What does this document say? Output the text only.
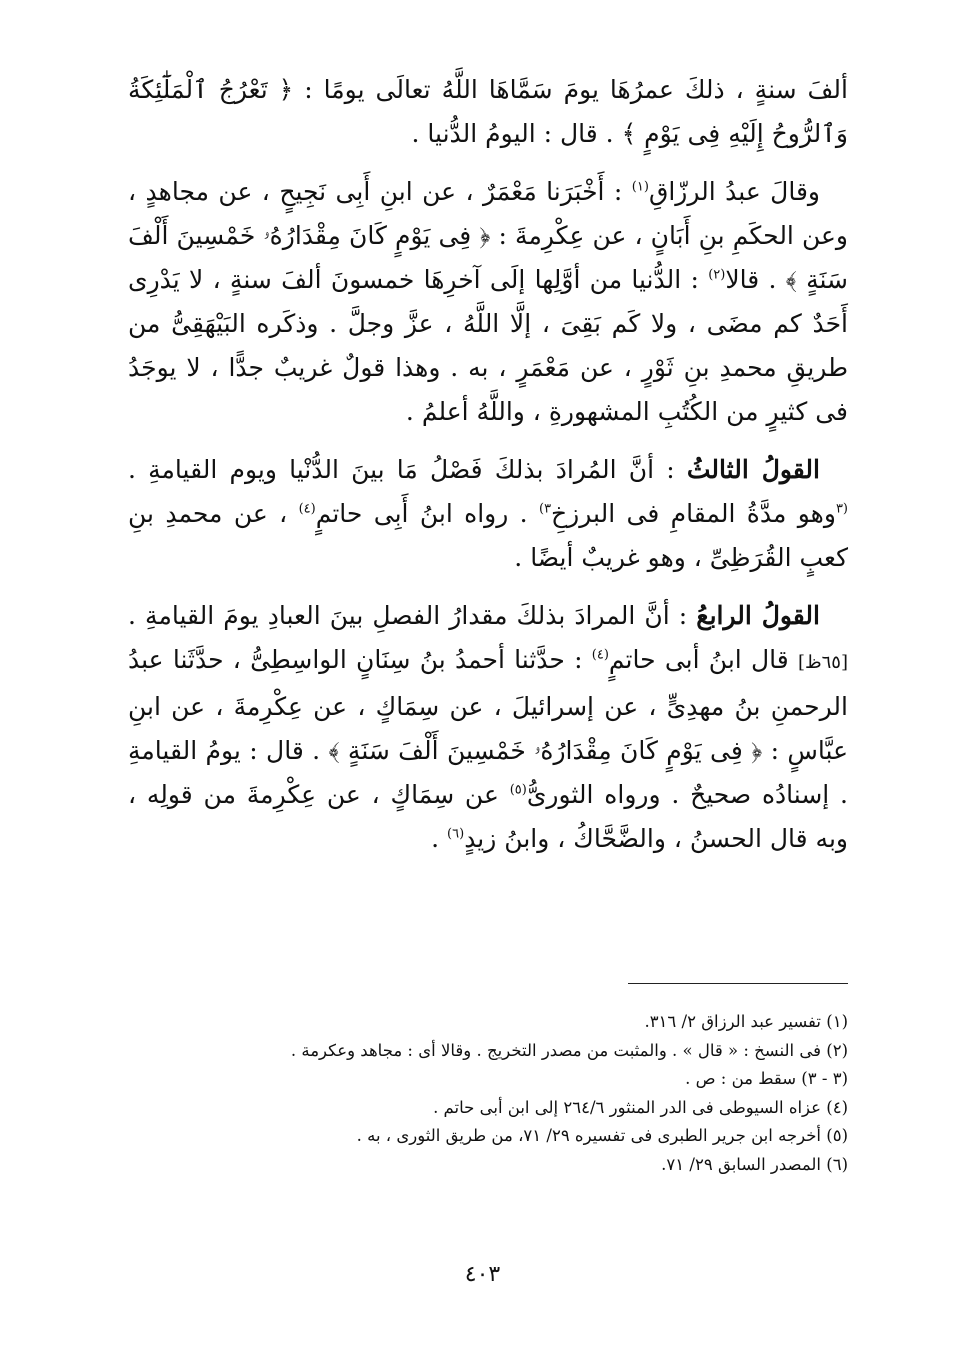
ألفَ سنةٍ ، ذلكَ عمرُهَا يومَ سَمَّاهَا اللَّهُ تعالَى يومًا : ﴿ تَعْرُجُ ٱلْمَلَٰٓئِكَةُ وَٱلرُّوحُ إِلَيْهِ فِى يَوْمٍ ﴾ . قال : اليومُ الدُّنيا .

وقالَ عبدُ الرزّاقِ$^{(١)}$ : أَخْبَرَنا مَعْمَرٌ ، عن ابنِ أَبِى نَجِيحٍ ، عن مجاهدٍ ، وعن الحكَمِ بنِ أَبَانٍ ، عن عِكْرِمةَ : ﴿ فِى يَوْمٍ كَانَ مِقْدَارُهُۥ خَمْسِينَ أَلْفَ سَنَةٍ ﴾ . قالا$^{(٢)}$ : الدُّنيا من أوَّلِها إلَى آخرِهَا خمسونَ ألفَ سنةٍ ، لا يَدْرِى أَحَدٌ كم مضَى ، ولا كَم بَقِىَ ، إلَّا اللَّهُ ، عزَّ وجلَّ . وذكَره البَيْهَقِىُّ من طريقِ محمدِ بنِ ثَوْرٍ ، عن مَعْمَرٍ ، به . وهذا قولٌ غريبٌ جدًّا ، لا يوجَدُ فى كثيرٍ من الكُتُبِ المشهورةِ ، واللَّهُ أعلمُ .

القولُ الثالثُ : أنَّ المُرادَ بذلكَ فَصْلُ مَا بينَ الدُّنْيا ويوم القيامةِ . $^{(٣}$وهو مدَّةُ المقامِ فى البرزخِ$^{٣)}$ . رواه ابنُ أَبِى حاتمٍ$^{(٤)}$ ، عن محمدِ بنِ كعبٍ القُرَظِىِّ ، وهو غريبٌ أيضًا .

القولُ الرابعُ : أنَّ المرادَ بذلكَ مقدارُ الفصلِ بينَ العبادِ يومَ القيامةِ . [٦٥ظ] قال ابنُ أبى حاتمٍ$^{(٤)}$ : حدَّثنا أحمدُ بنُ سِنَانٍ الواسِطِىُّ ، حدَّثَنا عبدُ الرحمنِ بنُ مهدِىٍّ ، عن إسرائيلَ ، عن سِمَاكٍ ، عن عِكْرِمةَ ، عن ابنِ عبَّاسٍ : ﴿ فِى يَوْمٍ كَانَ مِقْدَارُهُۥ خَمْسِينَ أَلْفَ سَنَةٍ ﴾ . قال : يومُ القيامةِ . إسنادُه صحيحٌ . ورواه الثورىُّ$^{(٥)}$ عن سِمَاكٍ ، عن عِكْرِمةَ من قولِه ، وبه قال الحسنُ ، والضَّحَّاكُ ، وابنُ زيدٍ$^{(٦)}$ .

(١) تفسير عبد الرزاق ٢/ ٣١٦.

(٢) فى النسخ : « قال » . والمثبت من مصدر التخريج . وقالا أى : مجاهد وعكرمة .

(٣ - ٣) سقط من : ص .

(٤) عزاه السيوطى فى الدر المنثور ٢٦٤/٦ إلى ابن أبى حاتم .

(٥) أخرجه ابن جرير الطبرى فى تفسيره ٢٩/ ٧١، من طريق الثورى ، به .

(٦) المصدر السابق ٢٩/ ٧١.

٤٠٣
